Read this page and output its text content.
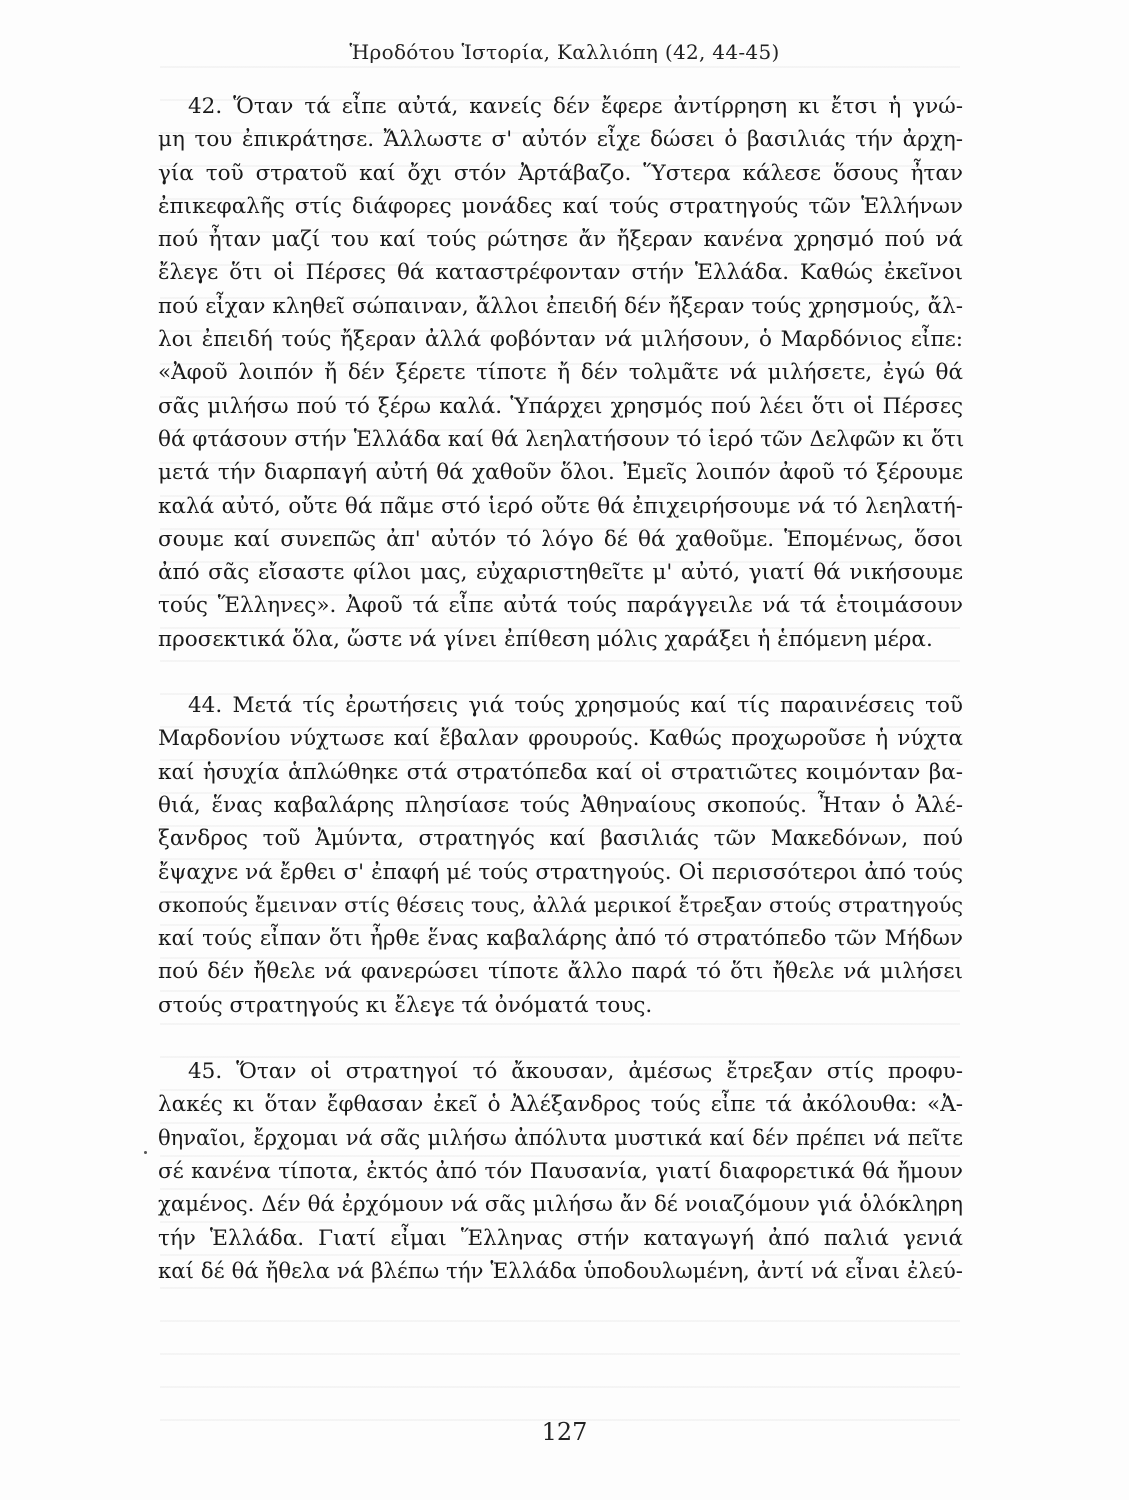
Ἡροδότου Ἱστορία, Καλλιόπη (42, 44-45)
42. Ὅταν τά εἶπε αὐτά, κανείς δέν ἔφερε ἀντίρρηση κι ἔτσι ἡ γνώ-
μη του ἐπικράτησε. Ἄλλωστε σ' αὐτόν εἶχε δώσει ὁ βασιλιάς τήν ἀρχη-
γία τοῦ στρατοῦ καί ὄχι στόν Ἀρτάβαζο. Ὕστερα κάλεσε ὅσους ἦταν
ἐπικεφαλῆς στίς διάφορες μονάδες καί τούς στρατηγούς τῶν Ἑλλήνων
πού ἦταν μαζί του καί τούς ρώτησε ἄν ἤξεραν κανένα χρησμό πού νά
ἔλεγε ὅτι οἱ Πέρσες θά καταστρέφονταν στήν Ἑλλάδα. Καθώς ἐκεῖνοι
πού εἶχαν κληθεῖ σώπαιναν, ἄλλοι ἐπειδή δέν ἤξεραν τούς χρησμούς, ἄλ-
λοι ἐπειδή τούς ἤξεραν ἀλλά φοβόνταν νά μιλήσουν, ὁ Μαρδόνιος εἶπε:
«Ἀφοῦ λοιπόν ἤ δέν ξέρετε τίποτε ἤ δέν τολμᾶτε νά μιλήσετε, ἐγώ θά
σᾶς μιλήσω πού τό ξέρω καλά. Ὑπάρχει χρησμός πού λέει ὅτι οἱ Πέρσες
θά φτάσουν στήν Ἑλλάδα καί θά λεηλατήσουν τό ἱερό τῶν Δελφῶν κι ὅτι
μετά τήν διαρπαγή αὐτή θά χαθοῦν ὅλοι. Ἐμεῖς λοιπόν ἀφοῦ τό ξέρουμε
καλά αὐτό, οὔτε θά πᾶμε στό ἱερό οὔτε θά ἐπιχειρήσουμε νά τό λεηλατή-
σουμε καί συνεπῶς ἀπ' αὐτόν τό λόγο δέ θά χαθοῦμε. Ἑπομένως, ὅσοι
ἀπό σᾶς εἴσαστε φίλοι μας, εὐχαριστηθεῖτε μ' αὐτό, γιατί θά νικήσουμε
τούς Ἕλληνες». Ἀφοῦ τά εἶπε αὐτά τούς παράγγειλε νά τά ἑτοιμάσουν
προσεκτικά ὅλα, ὥστε νά γίνει ἐπίθεση μόλις χαράξει ἡ ἑπόμενη μέρα.
44. Μετά τίς ἐρωτήσεις γιά τούς χρησμούς καί τίς παραινέσεις τοῦ
Μαρδονίου νύχτωσε καί ἔβαλαν φρουρούς. Καθώς προχωροῦσε ἡ νύχτα
καί ἡσυχία ἁπλώθηκε στά στρατόπεδα καί οἱ στρατιῶτες κοιμόνταν βα-
θιά, ἕνας καβαλάρης πλησίασε τούς Ἀθηναίους σκοπούς. Ἦταν ὁ Ἀλέ-
ξανδρος τοῦ Ἀμύντα, στρατηγός καί βασιλιάς τῶν Μακεδόνων, πού
ἔψαχνε νά ἔρθει σ' ἐπαφή μέ τούς στρατηγούς. Οἱ περισσότεροι ἀπό τούς
σκοπούς ἔμειναν στίς θέσεις τους, ἀλλά μερικοί ἔτρεξαν στούς στρατηγούς
καί τούς εἶπαν ὅτι ἦρθε ἕνας καβαλάρης ἀπό τό στρατόπεδο τῶν Μήδων
πού δέν ἤθελε νά φανερώσει τίποτε ἄλλο παρά τό ὅτι ἤθελε νά μιλήσει
στούς στρατηγούς κι ἔλεγε τά ὀνόματά τους.
45. Ὅταν οἱ στρατηγοί τό ἄκουσαν, ἀμέσως ἔτρεξαν στίς προφυ-
λακές κι ὅταν ἔφθασαν ἐκεῖ ὁ Ἀλέξανδρος τούς εἶπε τά ἀκόλουθα: «Ἀ-
θηναῖοι, ἔρχομαι νά σᾶς μιλήσω ἀπόλυτα μυστικά καί δέν πρέπει νά πεῖτε
σέ κανένα τίποτα, ἐκτός ἀπό τόν Παυσανία, γιατί διαφορετικά θά ἤμουν
χαμένος. Δέν θά ἐρχόμουν νά σᾶς μιλήσω ἄν δέ νοιαζόμουν γιά ὁλόκληρη
τήν Ἑλλάδα. Γιατί εἶμαι Ἕλληνας στήν καταγωγή ἀπό παλιά γενιά
καί δέ θά ἤθελα νά βλέπω τήν Ἑλλάδα ὑποδουλωμένη, ἀντί νά εἶναι ἐλεύ-
127
